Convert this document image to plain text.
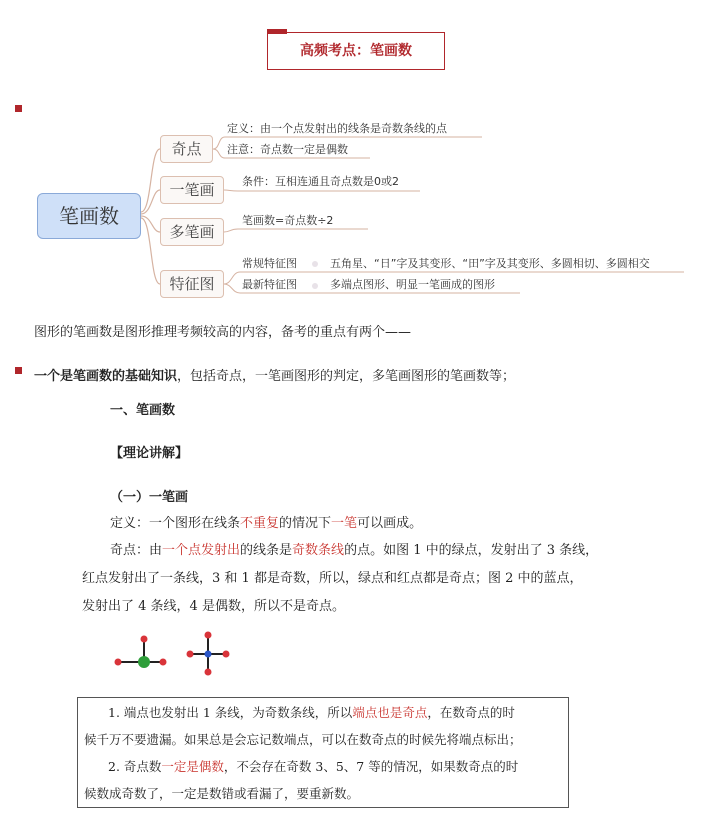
高频考点：笔画数
笔画数
奇点
一笔画
多笔画
特征图
定义：由一个点发射出的线条是奇数条线的点
注意：奇点数一定是偶数
条件：互相连通且奇点数是0或2
笔画数=奇点数÷2
常规特征图	五角星、“日”字及其变形、“田”字及其变形、多圆相切、多圆相交
最新特征图	多端点图形、明显一笔画成的图形
图形的笔画数是图形推理考频较高的内容，备考的重点有两个——
一个是笔画数的基础知识，包括奇点，一笔画图形的判定，多笔画图形的笔画数等；
一、笔画数
【理论讲解】
（一）一笔画
定义：一个图形在线条不重复的情况下一笔可以画成。
奇点：由一个点发射出的线条是奇数条线的点。如图 1 中的绿点，发射出了 3 条线，
红点发射出了一条线，3 和 1 都是奇数，所以，绿点和红点都是奇点；图 2 中的蓝点，
发射出了 4 条线，4 是偶数，所以不是奇点。
1. 端点也发射出 1 条线，为奇数条线，所以端点也是奇点，在数奇点的时
候千万不要遗漏。如果总是会忘记数端点，可以在数奇点的时候先将端点标出；
2. 奇点数一定是偶数，不会存在奇数 3、5、7 等的情况，如果数奇点的时
候数成奇数了，一定是数错或看漏了，要重新数。
